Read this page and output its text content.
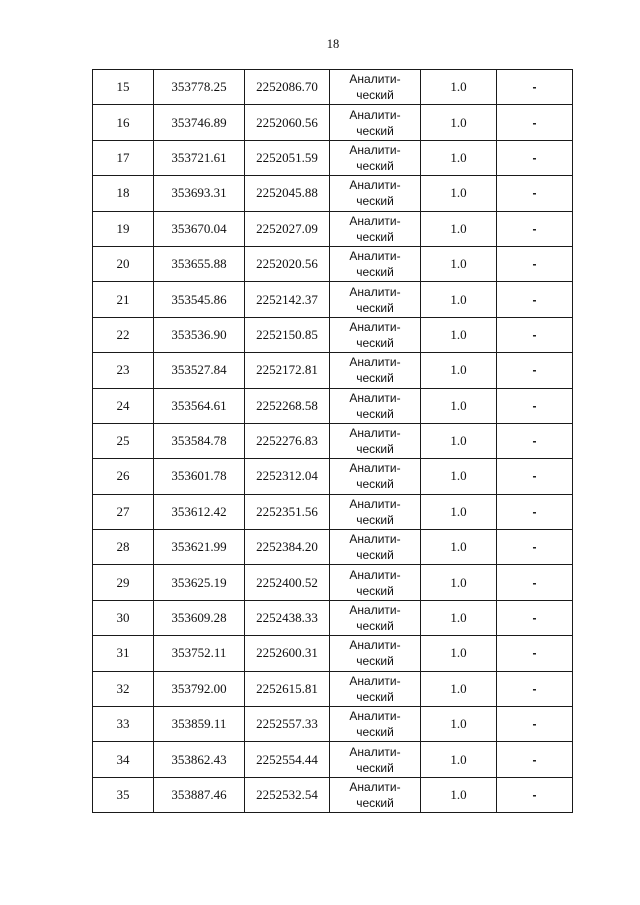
18
15	353778.25	2252086.70	Аналити-
ческий	1.0	-
16	353746.89	2252060.56	Аналити-
ческий	1.0	-
17	353721.61	2252051.59	Аналити-
ческий	1.0	-
18	353693.31	2252045.88	Аналити-
ческий	1.0	-
19	353670.04	2252027.09	Аналити-
ческий	1.0	-
20	353655.88	2252020.56	Аналити-
ческий	1.0	-
21	353545.86	2252142.37	Аналити-
ческий	1.0	-
22	353536.90	2252150.85	Аналити-
ческий	1.0	-
23	353527.84	2252172.81	Аналити-
ческий	1.0	-
24	353564.61	2252268.58	Аналити-
ческий	1.0	-
25	353584.78	2252276.83	Аналити-
ческий	1.0	-
26	353601.78	2252312.04	Аналити-
ческий	1.0	-
27	353612.42	2252351.56	Аналити-
ческий	1.0	-
28	353621.99	2252384.20	Аналити-
ческий	1.0	-
29	353625.19	2252400.52	Аналити-
ческий	1.0	-
30	353609.28	2252438.33	Аналити-
ческий	1.0	-
31	353752.11	2252600.31	Аналити-
ческий	1.0	-
32	353792.00	2252615.81	Аналити-
ческий	1.0	-
33	353859.11	2252557.33	Аналити-
ческий	1.0	-
34	353862.43	2252554.44	Аналити-
ческий	1.0	-
35	353887.46	2252532.54	Аналити-
ческий	1.0	-
